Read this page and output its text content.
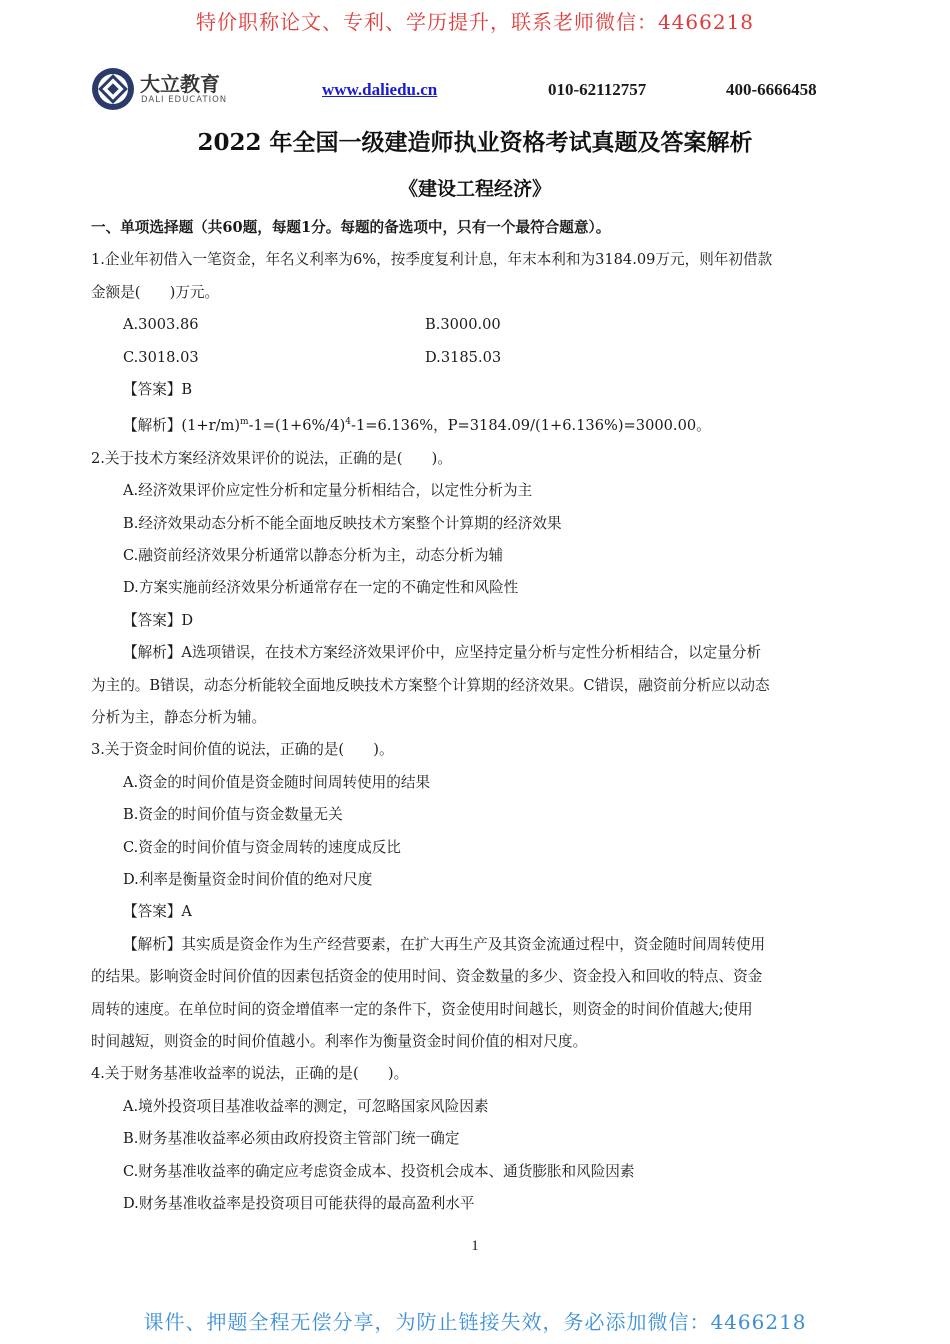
特价职称论文、专利、学历提升，联系老师微信：4466218
大立教育
DALI EDUCATION
www.daliedu.cn	010-62112757	400-6666458
2022 年全国一级建造师执业资格考试真题及答案解析
《建设工程经济》

一、单项选择题（共60题，每题1分。每题的备选项中，只有一个最符合题意）。

1.企业年初借入一笔资金，年名义利率为6%，按季度复利计息，年末本利和为3184.09万元，则年初借款

金额是(　　)万元。

A.3003.86	B.3000.00
C.3018.03	D.3185.03

【答案】B

【解析】$(1+r/m)^m-1=(1+6\%/4)^4-1=6.136\%$，P=3184.09/(1+6.136%)=3000.00。

2.关于技术方案经济效果评价的说法，正确的是(　　)。

A.经济效果评价应定性分析和定量分析相结合，以定性分析为主

B.经济效果动态分析不能全面地反映技术方案整个计算期的经济效果

C.融资前经济效果分析通常以静态分析为主，动态分析为辅

D.方案实施前经济效果分析通常存在一定的不确定性和风险性

【答案】D

【解析】A选项错误，在技术方案经济效果评价中，应坚持定量分析与定性分析相结合，以定量分析

为主的。B错误，动态分析能较全面地反映技术方案整个计算期的经济效果。C错误，融资前分析应以动态

分析为主，静态分析为辅。

3.关于资金时间价值的说法，正确的是(　　)。

A.资金的时间价值是资金随时间周转使用的结果

B.资金的时间价值与资金数量无关

C.资金的时间价值与资金周转的速度成反比

D.利率是衡量资金时间价值的绝对尺度

【答案】A

【解析】其实质是资金作为生产经营要素，在扩大再生产及其资金流通过程中，资金随时间周转使用

的结果。影响资金时间价值的因素包括资金的使用时间、资金数量的多少、资金投入和回收的特点、资金

周转的速度。在单位时间的资金增值率一定的条件下，资金使用时间越长，则资金的时间价值越大;使用

时间越短，则资金的时间价值越小。利率作为衡量资金时间价值的相对尺度。

4.关于财务基准收益率的说法，正确的是(　　)。

A.境外投资项目基准收益率的测定，可忽略国家风险因素

B.财务基准收益率必须由政府投资主管部门统一确定

C.财务基准收益率的确定应考虑资金成本、投资机会成本、通货膨胀和风险因素

D.财务基准收益率是投资项目可能获得的最高盈利水平

1
课件、押题全程无偿分享，为防止链接失效，务必添加微信：4466218
